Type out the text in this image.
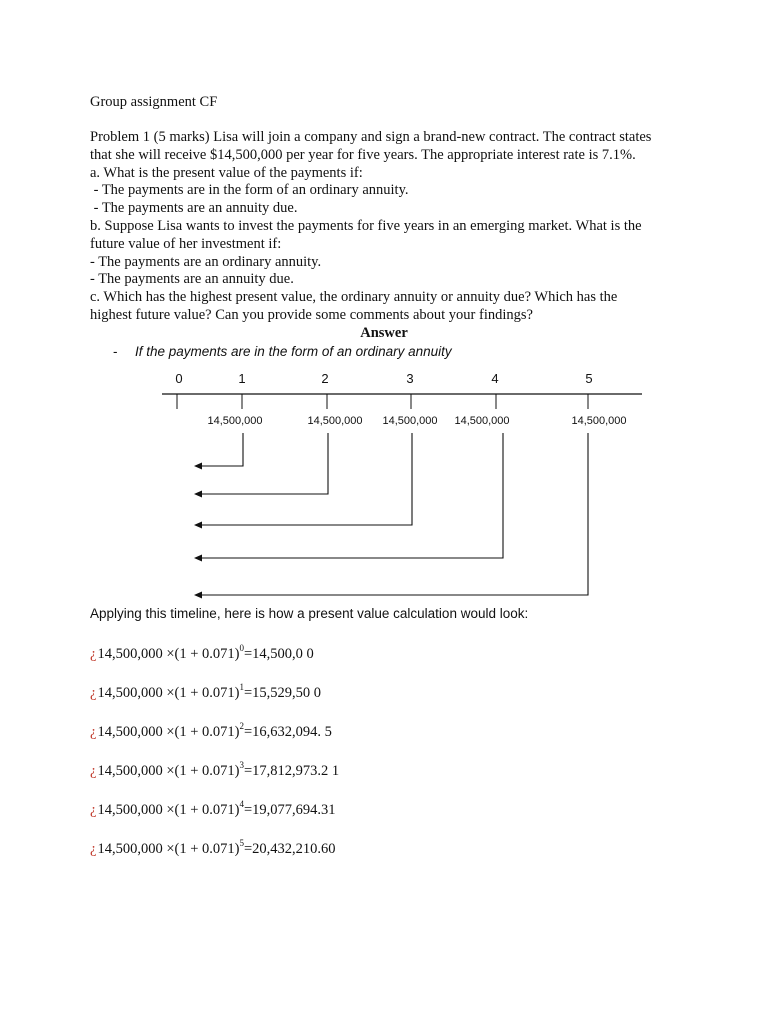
Group assignment CF
Problem 1 (5 marks) Lisa will join a company and sign a brand-new contract. The contract states
that she will receive $14,500,000 per year for five years. The appropriate interest rate is 7.1%.
a. What is the present value of the payments if:
- The payments are in the form of an ordinary annuity.
- The payments are an annuity due.
b. Suppose Lisa wants to invest the payments for five years in an emerging market. What is the
future value of her investment if:
- The payments are an ordinary annuity.
- The payments are an annuity due.
c. Which has the highest present value, the ordinary annuity or annuity due? Which has the
highest future value? Can you provide some comments about your findings?
Answer
- If the payments are in the form of an ordinary annuity
0	1	2	3	4	5
14,500,000	14,500,000 14,500,000 14,500,000	14,500,000
Applying this timeline, here is how a present value calculation would look:
¿$14,500,000 \times(1 + 0.071)^0=14,500,0$ 0
¿$14,500,000 \times(1 + 0.071)^1=15,529,50$ 0
¿$14,500,000 \times(1 + 0.071)^2=16,632,094$. 5
¿$14,500,000 \times(1 + 0.071)^3=17,812,973.2$ 1
¿$14,500,000 \times(1 + 0.071)^4=19,077,694.31$
¿$14,500,000 \times(1 + 0.071)^5=20,432,210.60$
